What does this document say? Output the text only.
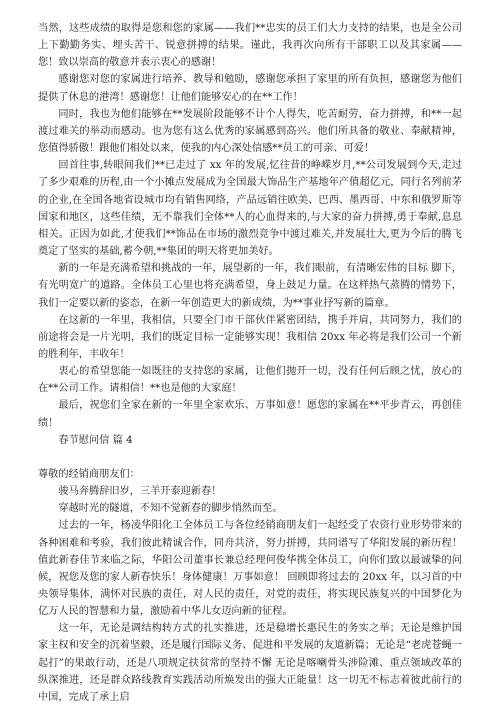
当然，这些成绩的取得是您和您的家属——我们**忠实的员工们大力支持的结果，也是全公司上下勤勤务实、埋头苦干、锐意拼搏的结果。谨此，我再次向所有干部职工以及其家属——您！致以崇高的敬意并表示衷心的感谢！

感谢您对您的家属进行培养、教导和勉励，感谢您承担了家里的所有负担，感谢您为他们提供了休息的港湾！感谢您！让他们能够安心的在**工作！

同时，我也为他们能够在**发展阶段能够不计个人得失，吃苦耐劳，奋力拼搏，和**一起渡过难关的举动而感动。也为您有这么优秀的家属感到高兴。他们所具备的敬业、奉献精神，您值得骄傲！跟他们相处以来，使我的内心深处信感**员工的可亲、可爱！

回首往事,转眼间我们**已走过了 xx 年的发展,忆往昔的峥嵘岁月,**公司发展到今天,走过了多少艰难的历程,由一个小摊点发展成为全国最大饰品生产基地年产值超亿元，同行名列前茅的企业,在全国各地省设城市均有销售网络，产品远销往欧美、巴西、墨西哥、中东和俄罗斯等国家和地区，这些佳绩，无不靠我们全体**人的心血得来的,与大家的奋力拼搏,勇于奉献,息息相关。正因为如此,才使我们**饰品在市场的激烈竞争中渡过难关,并发展壮大,更为今后的腾飞奠定了坚实的基础,蓄今朝,**集团的明天将更加美好。

新的一年是充满希望和挑战的一年，展望新的一年，我们眼前，有清晰宏伟的目标 脚下，有光明宽广的道路。全体员工心里也将充满希望，身上鼓足力量。在这样热气蒸腾的情势下，我们一定要以新的姿态，在新一年创造更大的新成绩，为**事业抒写新的篇章。

在这新的一年里，我相信，只要全门市干部伙伴紧密团结，携手并肩，共同努力，我们的前途将会是一片光明，我们的既定目标一定能够实现！我相信 20xx 年必将是我们公司一个新的胜利年，丰收年！

衷心的希望您能一如既往的支持您的家属，让他们抛开一切，没有任何后顾之忧，放心的在**公司工作。请相信！**也是他的大家庭！

最后，祝您们全家在新的一年里全家欢乐、万事如意！愿您的家属在**平步青云，再创佳绩！

春节慰问信 篇 4

尊敬的经销商朋友们：

骏马奔腾辞旧岁，三羊开泰迎新春！

穿越时光的隧道，不知不觉新春的脚步悄然而至。

过去的一年，杨凌华阳化工全体员工与各位经销商朋友们一起经受了农资行业形势带来的各种困难和考验，我们彼此精诚合作，同舟共济，努力拼搏，共同谱写了华阳发展的新历程！值此新春佳节来临之际，华阳公司董事长兼总经理何俊华携全体员工，向你们致以最诚挚的问候，祝您及您的家人新春快乐！身体健康！万事如意！ 回顾即将过去的 20xx 年，以习首的中央领导集体，满怀对民族的责任，对人民的责任，对党的责任，将实现民族复兴的中国梦化为亿万人民的智慧和力量，激励着中华儿女迈向新的征程。

这一年，无论是调结构转方式的扎实推进，还是稳增长惠民生的务实之举；无论是维护国家主权和安全的沉着坚毅，还是履行国际义务、促进和平发展的友道新篇；无论是“老虎苍蝇一起打”的果敢行动，还是八项规定扶贫常的坚持不懈 无论是喀喇骨头涉险滩、重点领域改革的纵深推进，还是群众路线教育实践活动所焕发出的强大正能量！这一切无不标志着彼此前行的中国，完成了承上启
